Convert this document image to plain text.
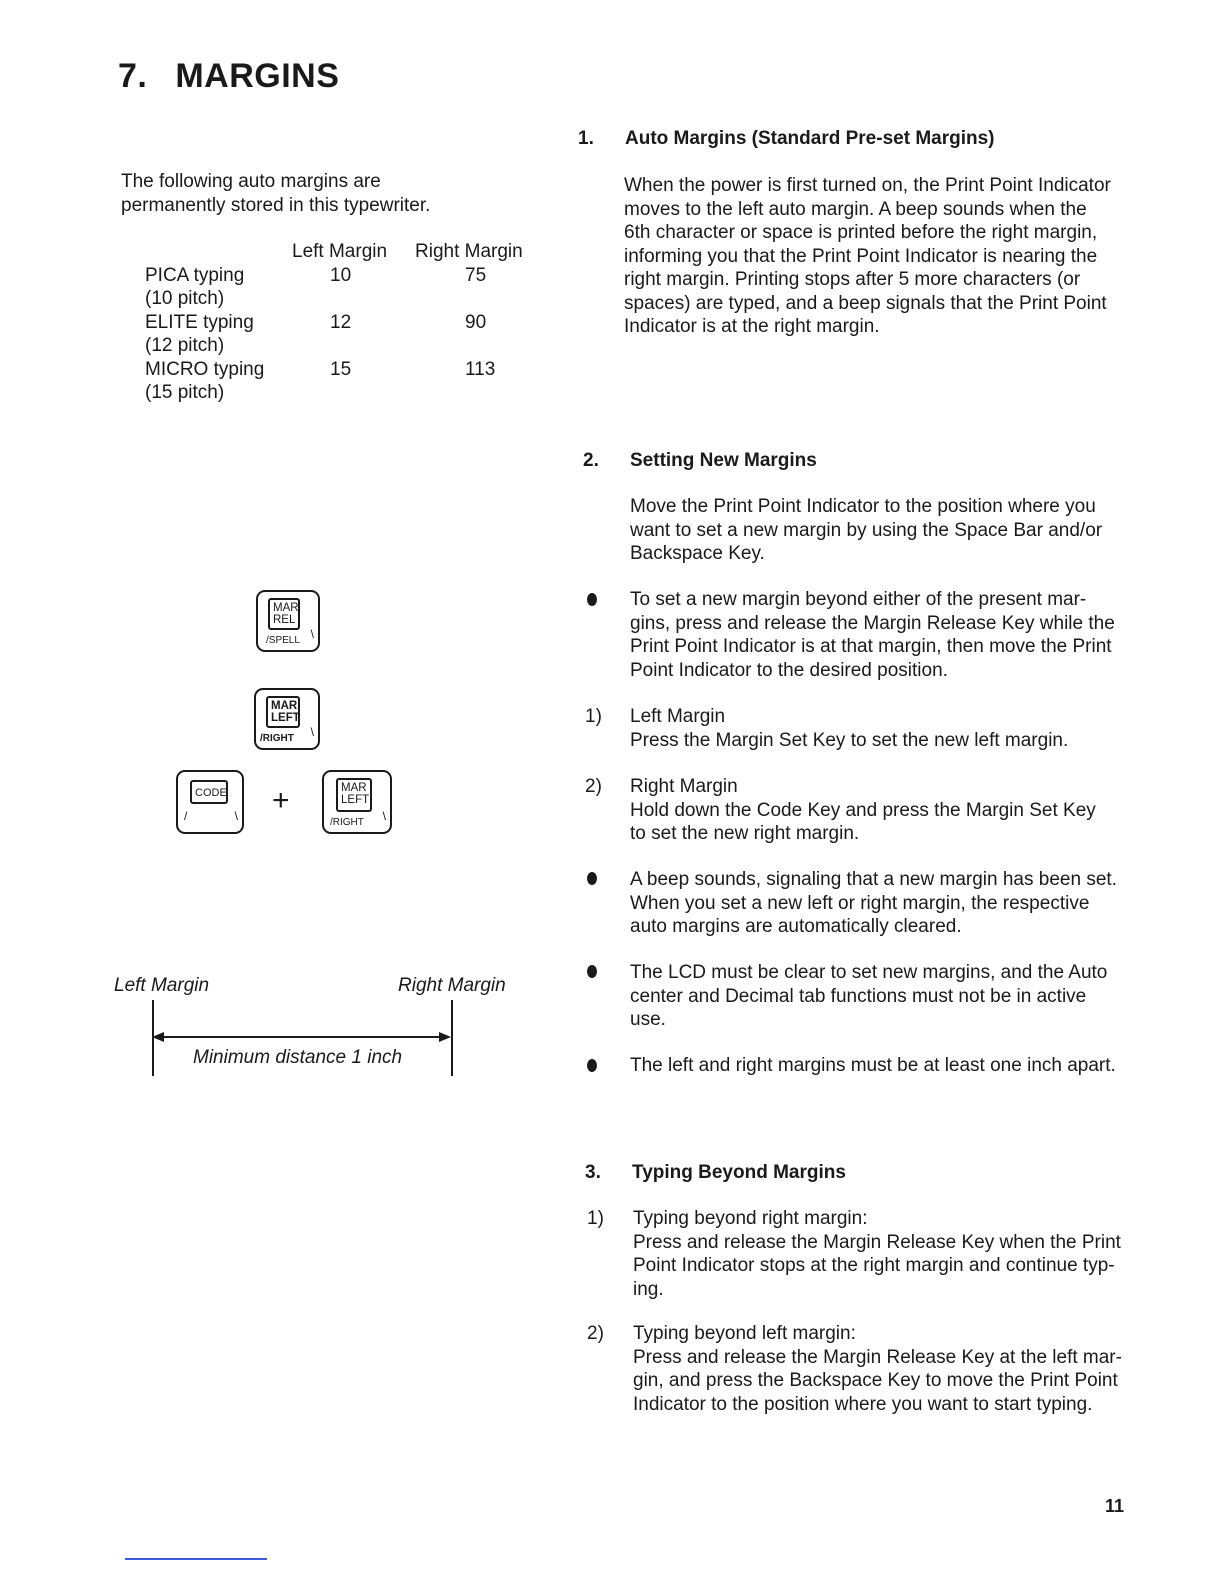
7. MARGINS
The following auto margins are
permanently stored in this typewriter.
Left Margin Right Margin
PICA typing	10	75
(10 pitch)
ELITE typing	12	90
(12 pitch)
MICRO typing	15	113
(15 pitch)
MAR
REL
/SPELL \
MAR
LEFT
/RIGHT \
CODE
/	\ +	MAR
LEFT
/RIGHT \
Left Margin	Right Margin
Minimum distance 1 inch
1. Auto Margins (Standard Pre-set Margins)
When the power is first turned on, the Print Point Indicator
moves to the left auto margin. A beep sounds when the
6th character or space is printed before the right margin,
informing you that the Print Point Indicator is nearing the
right margin. Printing stops after 5 more characters (or
spaces) are typed, and a beep signals that the Print Point
Indicator is at the right margin.
2. Setting New Margins
Move the Print Point Indicator to the position where you
want to set a new margin by using the Space Bar and/or
Backspace Key.
To set a new margin beyond either of the present mar-
gins, press and release the Margin Release Key while the
Print Point Indicator is at that margin, then move the Print
Point Indicator to the desired position.
1) Left Margin
Press the Margin Set Key to set the new left margin.
2) Right Margin
Hold down the Code Key and press the Margin Set Key
to set the new right margin.
A beep sounds, signaling that a new margin has been set.
When you set a new left or right margin, the respective
auto margins are automatically cleared.
The LCD must be clear to set new margins, and the Auto
center and Decimal tab functions must not be in active
use.
The left and right margins must be at least one inch apart.
3. Typing Beyond Margins
1) Typing beyond right margin:
Press and release the Margin Release Key when the Print
Point Indicator stops at the right margin and continue typ-
ing.
2) Typing beyond left margin:
Press and release the Margin Release Key at the left mar-
gin, and press the Backspace Key to move the Print Point
Indicator to the position where you want to start typing.
11
